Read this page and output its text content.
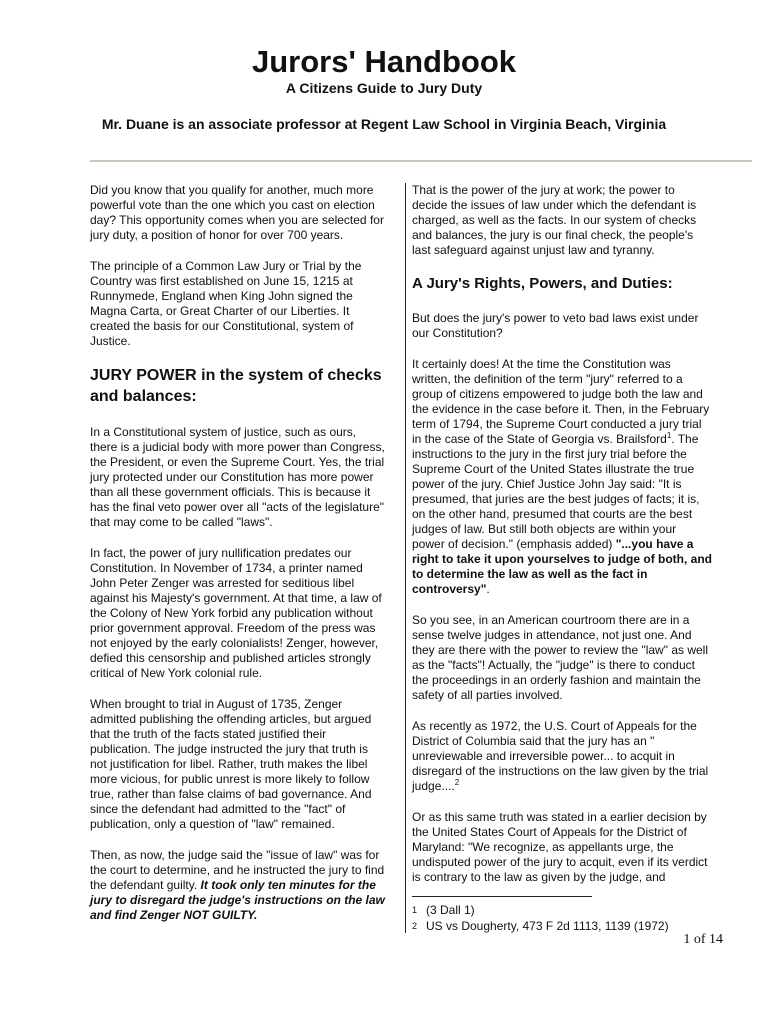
Jurors' Handbook
A Citizens Guide to Jury Duty
Mr. Duane is an associate professor at Regent Law School in Virginia Beach, Virginia

Did you know that you qualify for another, much more powerful vote than the one which you cast on election day? This opportunity comes when you are selected for jury duty, a position of honor for over 700 years.

The principle of a Common Law Jury or Trial by the Country was first established on June 15, 1215 at Runnymede, England when King John signed the Magna Carta, or Great Charter of our Liberties. It created the basis for our Constitutional, system of Justice.

JURY POWER in the system of checks and balances:

In a Constitutional system of justice, such as ours, there is a judicial body with more power than Congress, the President, or even the Supreme Court. Yes, the trial jury protected under our Constitution has more power than all these government officials. This is because it has the final veto power over all "acts of the legislature" that may come to be called "laws".

In fact, the power of jury nullification predates our Constitution. In November of 1734, a printer named John Peter Zenger was arrested for seditious libel against his Majesty's government. At that time, a law of the Colony of New York forbid any publication without prior government approval. Freedom of the press was not enjoyed by the early colonialists! Zenger, however, defied this censorship and published articles strongly critical of New York colonial rule.

When brought to trial in August of 1735, Zenger admitted publishing the offending articles, but argued that the truth of the facts stated justified their publication. The judge instructed the jury that truth is not justification for libel. Rather, truth makes the libel more vicious, for public unrest is more likely to follow true, rather than false claims of bad governance. And since the defendant had admitted to the "fact" of publication, only a question of "law" remained.

Then, as now, the judge said the "issue of law" was for the court to determine, and he instructed the jury to find the defendant guilty. It took only ten minutes for the jury to disregard the judge's instructions on the law and find Zenger NOT GUILTY.

That is the power of the jury at work; the power to decide the issues of law under which the defendant is charged, as well as the facts. In our system of checks and balances, the jury is our final check, the people's last safeguard against unjust law and tyranny.

A Jury's Rights, Powers, and Duties:

But does the jury's power to veto bad laws exist under our Constitution?

It certainly does! At the time the Constitution was written, the definition of the term "jury" referred to a group of citizens empowered to judge both the law and the evidence in the case before it. Then, in the February term of 1794, the Supreme Court conducted a jury trial in the case of the State of Georgia vs. Brailsford$^1$. The instructions to the jury in the first jury trial before the Supreme Court of the United States illustrate the true power of the jury. Chief Justice John Jay said: "It is presumed, that juries are the best judges of facts; it is, on the other hand, presumed that courts are the best judges of law. But still both objects are within your power of decision." (emphasis added) "...you have a right to take it upon yourselves to judge of both, and to determine the law as well as the fact in controversy".

So you see, in an American courtroom there are in a sense twelve judges in attendance, not just one. And they are there with the power to review the "law" as well as the "facts"! Actually, the "judge" is there to conduct the proceedings in an orderly fashion and maintain the safety of all parties involved.

As recently as 1972, the U.S. Court of Appeals for the District of Columbia said that the jury has an " unreviewable and irreversible power... to acquit in disregard of the instructions on the law given by the trial judge....$^2$

Or as this same truth was stated in a earlier decision by the United States Court of Appeals for the District of Maryland: "We recognize, as appellants urge, the undisputed power of the jury to acquit, even if its verdict is contrary to the law as given by the judge, and

1 (3 Dall 1)
2 US vs Dougherty, 473 F 2d 1113, 1139 (1972)
1 of 14
